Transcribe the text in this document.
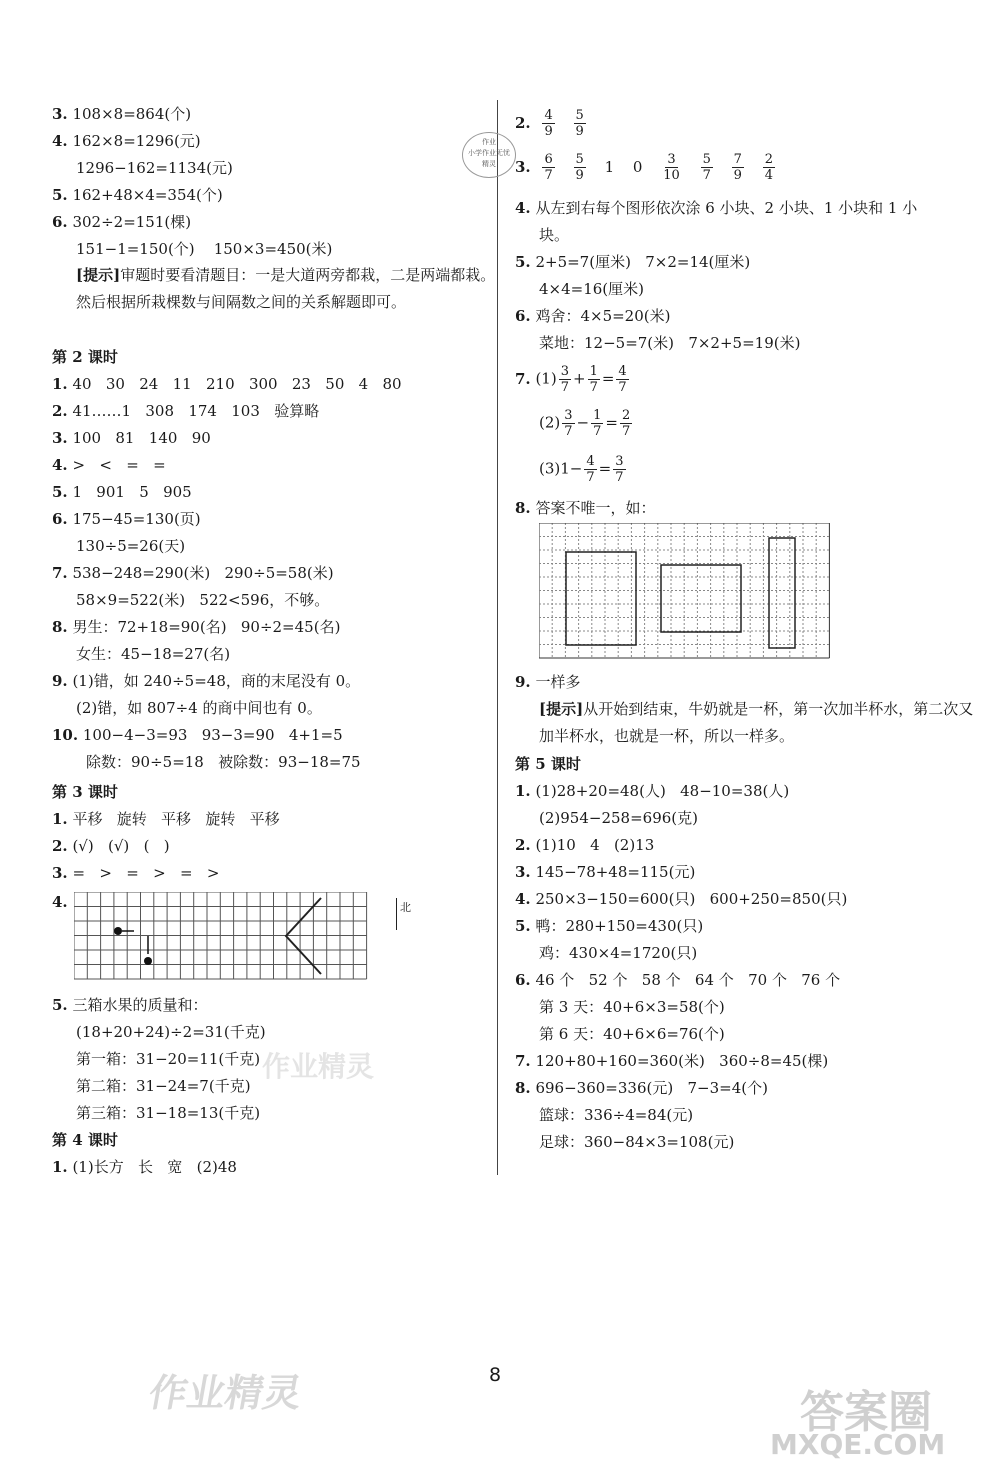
3. 108×8=864(个)
4. 162×8=1296(元)
1296−162=1134(元)
5. 162+48×4=354(个)
6. 302÷2=151(棵)
151−1=150(个)    150×3=450(米)
[提示]审题时要看清题目：一是大道两旁都栽，二是两端都栽。然后根据所栽棵数与间隔数之间的关系解题即可。
第 2 课时
1. 40   30   24   11   210   300   23   50   4   80
2. 41……1   308   174   103   验算略
3. 100   81   140   90
4. >   <   =   =
5. 1   901   5   905
6. 175−45=130(页)
130÷5=26(天)
7. 538−248=290(米)   290÷5=58(米)
58×9=522(米)   522<596，不够。
8. 男生：72+18=90(名)   90÷2=45(名)
女生：45−18=27(名)
9. (1)错，如 240÷5=48，商的末尾没有 0。
(2)错，如 807÷4 的商中间也有 0。
10. 100−4−3=93   93−3=90   4+1=5
除数：90÷5=18   被除数：93−18=75
第 3 课时
1. 平移   旋转   平移   旋转   平移
2. (√)   (√)   (   )
3. =   >   =   >   =   >
4.	北
5. 三箱水果的质量和：
(18+20+24)÷2=31(千克)
第一箱：31−20=11(千克)
第二箱：31−24=7(千克)
第三箱：31−18=13(千克)
第 4 课时
1. (1)长方   长   宽   (2)48
作业
小学作业无忧
精灵
2. $\frac{4}{9}$
$\frac{5}{9}$
3. $\frac{6}{7}$
$\frac{5}{9} 1$ $0 \frac{3}{10}$
$\frac{5}{7}$
$\frac{7}{9}$
$\frac{2}{4}$
4. 从左到右每个图形依次涂 6 小块、2 小块、1 小块和 1 小
块。
5. 2+5=7(厘米)   7×2=14(厘米)
4×4=16(厘米)
6. 鸡舍：4×5=20(米)
菜地：12−5=7(米)   7×2+5=19(米)
7. $(1) \frac{3}{7} + \frac{1}{7} = \frac{4}{7}$
$(2) \frac{3}{7} - \frac{1}{7} = \frac{2}{7}$
$(3)1- \frac{4}{7} = \frac{3}{7}$
8. 答案不唯一，如：
9. 一样多
[提示]从开始到结束，牛奶就是一杯，第一次加半杯水，第二次又加半杯水，也就是一杯，所以一样多。
第 5 课时
1. (1)28+20=48(人)   48−10=38(人)
(2)954−258=696(克)
2. (1)10   4   (2)13
3. 145−78+48=115(元)
4. 250×3−150=600(只)   600+250=850(只)
5. 鸭：280+150=430(只)
鸡：430×4=1720(只)
6. 46 个   52 个   58 个   64 个   70 个   76 个
第 3 天：40+6×3=58(个)
第 6 天：40+6×6=76(个)
7. 120+80+160=360(米)   360÷8=45(棵)
8. 696−360=336(元)   7−3=4(个)
篮球：336÷4=84(元)
足球：360−84×3=108(元)
作业精灵
作业精灵	答案圈
MXQE.COM
8
